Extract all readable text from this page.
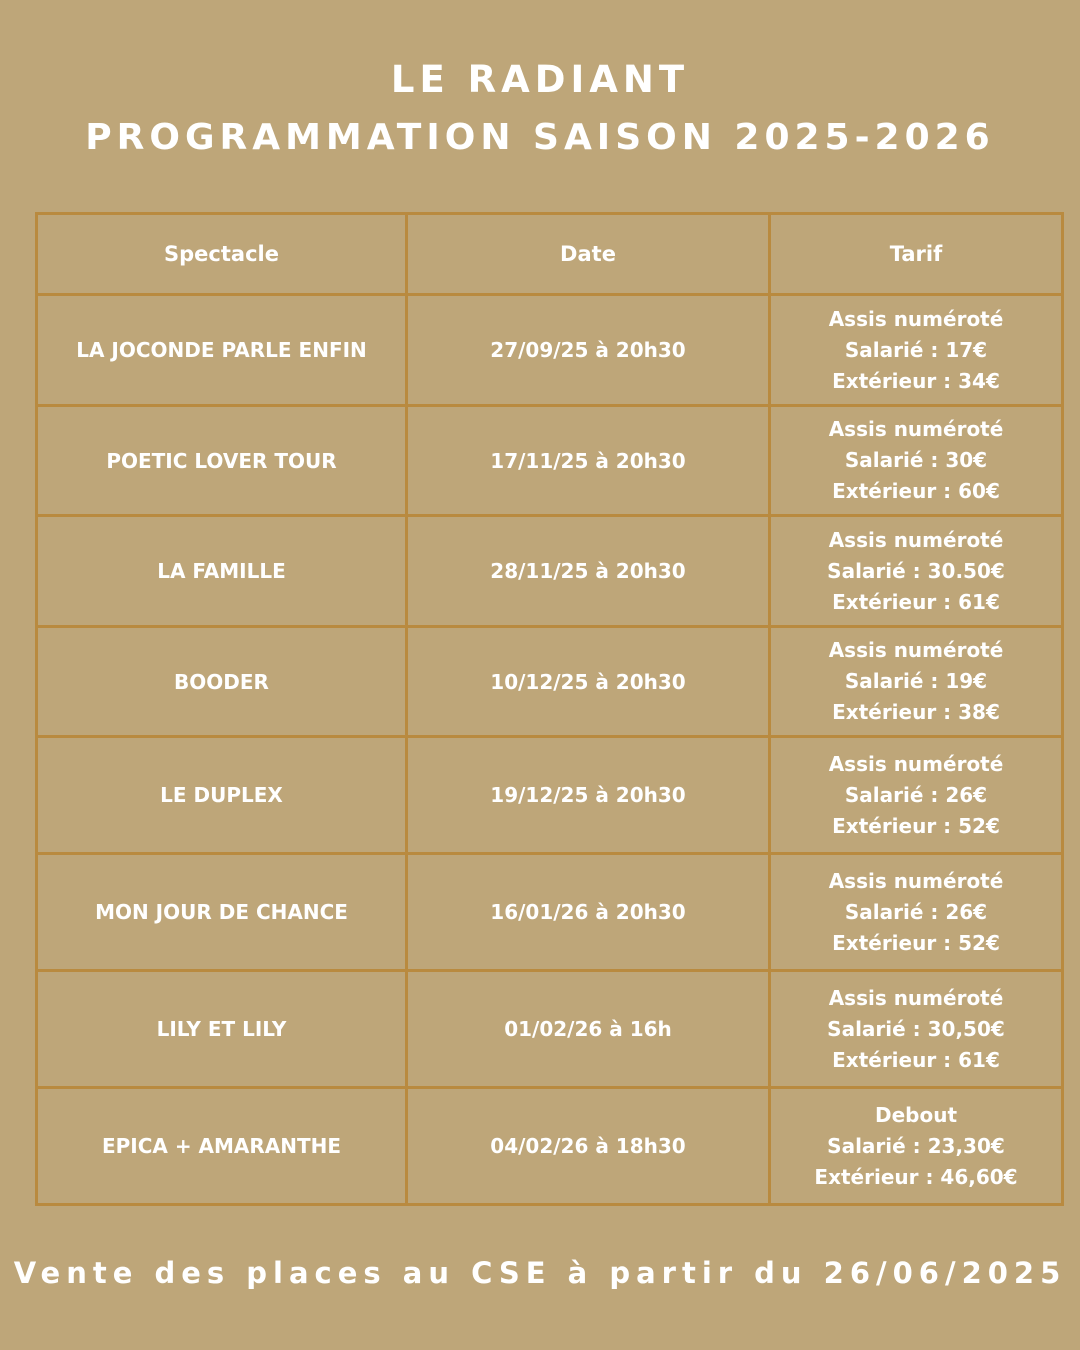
LE RADIANT
PROGRAMMATION SAISON 2025-2026
Spectacle	Date	Tarif
LA JOCONDE PARLE ENFIN	27/09/25 à 20h30	Assis numéroté
Salarié : 17€
Extérieur : 34€

POETIC LOVER TOUR	17/11/25 à 20h30	Assis numéroté
Salarié : 30€
Extérieur : 60€

LA FAMILLE	28/11/25 à 20h30	Assis numéroté
Salarié : 30.50€
Extérieur : 61€

BOODER	10/12/25 à 20h30	Assis numéroté
Salarié : 19€
Extérieur : 38€

LE DUPLEX	19/12/25 à 20h30	Assis numéroté
Salarié : 26€
Extérieur : 52€

MON JOUR DE CHANCE	16/01/26 à 20h30	Assis numéroté
Salarié : 26€
Extérieur : 52€

LILY ET LILY	01/02/26 à 16h	Assis numéroté
Salarié : 30,50€
Extérieur : 61€

EPICA + AMARANTHE	04/02/26 à 18h30	Debout
Salarié : 23,30€
Extérieur : 46,60€
Vente des places au CSE à partir du 26/06/2025
